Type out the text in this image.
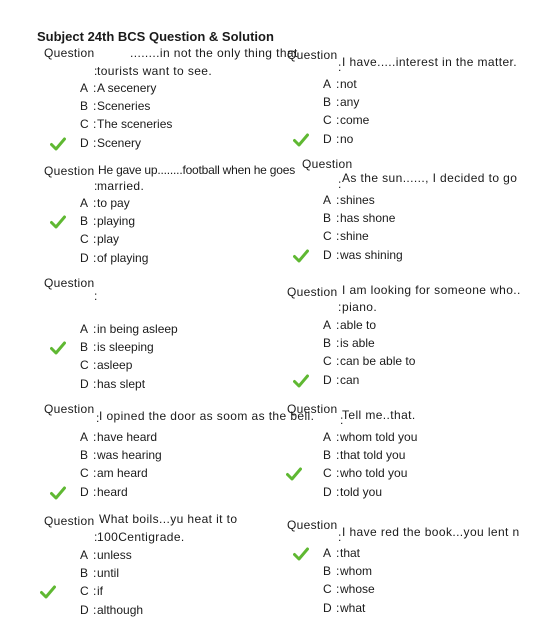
Subject 24th BCS Question & Solution
Question
:
........in not the only thing that
tourists want to see.
A :A secenery
B :Sceneries
C :The sceneries
D :Scenery
Question
:
He gave up........football when he goes
married.
A :to pay
B :playing
C :play
D :of playing
Question
:
A :in being asleep
B :is sleeping
C :asleep
D :has slept
Question
: I opined the door as soom as the bell.
A :have heard
B :was hearing
C :am heard
D :heard
Question
:
What boils...yu heat it to
100Centigrade.
A :unless
B :until
C :if
D :although
Question
: I have.....interest in the matter.
A :not
B :any
C :come
D :no
Question
: As the sun......, I decided to go
A :shines
B :has shone
C :shine
D :was shining
Question
:
I am looking for someone who..
piano.
A :able to
B :is able
C :can be able to
D :can
Question
:
Tell me..that.
A :whom told you
B :that told you
C :who told you
D :told you
Question
: I have red the book...you lent n
A :that
B :whom
C :whose
D :what
